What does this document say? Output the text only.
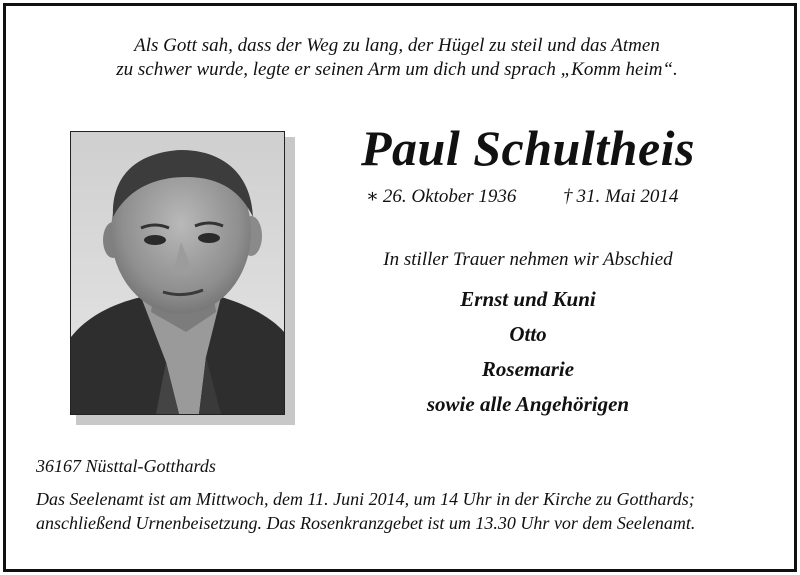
Als Gott sah, dass der Weg zu lang, der Hügel zu steil und das Atmen
zu schwer wurde, legte er seinen Arm um dich und sprach „Komm heim“.
Paul Schultheis
∗ 26. Oktober 1936 † 31. Mai 2014
In stiller Trauer nehmen wir Abschied
Ernst und Kuni
Otto
Rosemarie
sowie alle Angehörigen
36167 Nüsttal-Gotthards
Das Seelenamt ist am Mittwoch, dem 11. Juni 2014, um 14 Uhr in der Kirche zu Gotthards;
anschließend Urnenbeisetzung. Das Rosenkranzgebet ist um 13.30 Uhr vor dem Seelenamt.
